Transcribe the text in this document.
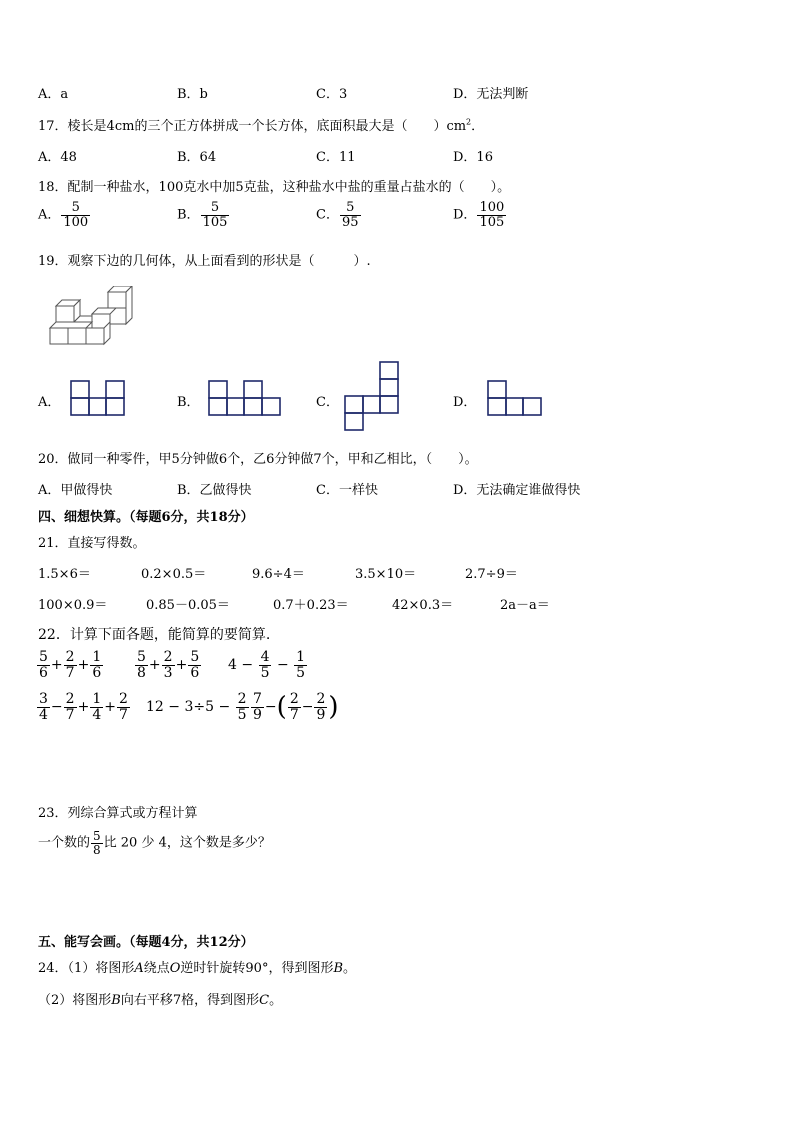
A．a	B．b	C．3	D．无法判断
17．棱长是4cm的三个正方体拼成一个长方体，底面积最大是（　　）$cm^2$．
A．48	B．64	C．11	D．16
18．配制一种盐水，100克水中加5克盐，这种盐水中盐的重量占盐水的（　　）。
A． $\frac{5}{100}$	B． $\frac{5}{105}$	C． $\frac{5}{95}$	D． $\frac{100}{105}$
19．观察下边的几何体，从上面看到的形状是（　　　）.
A．	B．	C．	D．
20．做同一种零件，甲5分钟做6个，乙6分钟做7个，甲和乙相比，（　　）。
A．甲做得快	B．乙做得快	C．一样快	D．无法确定谁做得快
四、细想快算。（每题6分，共18分）
21．直接写得数。
1.5×6＝	0.2×0.5＝	9.6÷4＝	3.5×10＝	2.7÷9＝
100×0.9＝	0.85－0.05＝	0.7＋0.23＝	42×0.3＝	2a－a＝
22．计算下面各题，能简算的要简算.
$\frac{5}{6} + \frac{2}{7} + \frac{1}{6} \frac{5}{8} + \frac{2}{3} + \frac{5}{6} 4 - \frac{4}{5} - \frac{1}{5}$
$\frac{3}{4} - \frac{2}{7} + \frac{1}{4} + \frac{2}{7} 12 - 3\div 5 - \frac{2}{5} \frac{7}{9}$ −( $\frac{2}{7} - \frac{2}{9}$ )
23．列综合算式或方程计算
一个数的 $\frac{5}{8}$ 比 20 少 4，这个数是多少？
五、能写会画。（每题4分，共12分）
24．（1）将图形A绕点O逆时针旋转90°，得到图形B。
（2）将图形B向右平移7格，得到图形C。
